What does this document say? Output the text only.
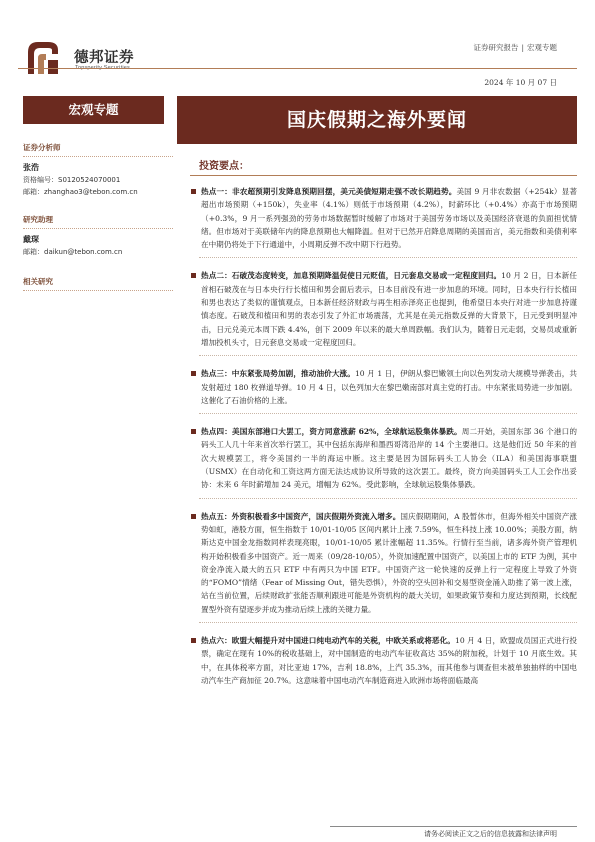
德邦证券
Topsperity Securities
证券研究报告 | 宏观专题
2024 年 10 月 07 日
宏观专题	国庆假期之海外要闻
证券分析师
张浩
资格编号：S0120524070001
邮箱：zhanghao3@tebon.com.cn
研究助理
戴琛
邮箱：daikun@tebon.com.cn
相关研究
投资要点：
热点一：非农超预期引发降息预期回摆，美元美债短期走强不改长期趋势。美国 9 月非农数据（+254k）显著超出市场预期（+150k），失业率（4.1%）则低于市场预期（4.2%），时薪环比（+0.4%）亦高于市场预期（+0.3%，9 月一系列强劲的劳务市场数据暂时缓解了市场对于美国劳务市场以及美国经济衰退的负面担忧情绪。但市场对于美联储年内的降息预期也大幅降温。但对于已然开启降息周期的美国而言，美元指数和美债利率在中期仍将处于下行通道中，小周期反弹不改中期下行趋势。
热点二：石破茂态度转变，加息预期降温促使日元贬值，日元套息交易或一定程度回归。10 月 2 日，日本新任首相石破茂在与日本央行行长植田和男会面后表示，日本目前没有进一步加息的环境。同时，日本央行行长植田和男也表达了类似的谨慎观点，日本新任经济财政与再生相赤泽亮正也提到，他希望日本央行对进一步加息持谨慎态度。石破茂和植田和男的表态引发了外汇市场震荡，尤其是在美元指数反弹的大背景下，日元受到明显冲击，日元兑美元本周下跌 4.4%，创下 2009 年以来的最大单周跌幅。我们认为，随着日元走弱，交易员或重新增加投机头寸，日元套息交易或一定程度回归。
热点三：中东紧张局势加剧，推动油价大涨。10 月 1 日，伊朗从黎巴嫩领土向以色列发动大规模导弹袭击，共发射超过 180 枚弹道导弹。10 月 4 日，以色列加大在黎巴嫩南部对真主党的打击。中东紧张局势进一步加剧。这催化了石油价格的上涨。
热点四：美国东部港口大罢工，资方同意涨薪 62%，全球航运股集体暴跌。周二开始，美国东部 36 个港口的码头工人几十年来首次举行罢工，其中包括东海岸和墨西哥湾沿岸的 14 个主要港口。这是他们近 50 年来的首次大规模罢工，将令美国约一半的海运中断。这主要是因为国际码头工人协会（ILA）和美国海事联盟（USMX）在自动化和工资这两方面无法达成协议所导致的这次罢工。最终，资方向美国码头工人工会作出妥协：未来 6 年时薪增加 24 美元，增幅为 62%。受此影响，全球航运股集体暴跌。
热点五：外资积极看多中国资产，国庆假期外资流入增多。国庆假期期间，A 股暂休市，但海外相关中国资产涨势如虹，港股方面，恒生指数于 10/01-10/05 区间内累计上涨 7.59%，恒生科技上涨 10.00%；美股方面，纳斯达克中国金龙指数同样表现亮眼，10/01-10/05 累计涨幅超 11.35%。行情行至当前，诸多海外资产管理机构开始积极看多中国资产。近一周来（09/28-10/05），外资加速配置中国资产，以美国上市的 ETF 为例，其中资金净流入最大的五只 ETF 中有两只为中国 ETF。中国资产这一轮快速的反弹上行一定程度上导致了外资的“FOMO”情绪（Fear of Missing Out，错失恐惧），外资的空头回补和交易型资金涌入助推了第一波上涨，站在当前位置，后续财政扩张能否顺利跟进可能是外资机构的最大关切，如果政策节奏和力度达到预期，长线配置型外资有望逐步并成为推动后续上涨的关键力量。
热点六：欧盟大幅提升对中国进口纯电动汽车的关税，中欧关系或将恶化。10 月 4 日，欧盟成员国正式进行投票，确定在现有 10%的税收基础上，对中国制造的电动汽车征收高达 35%的附加税，计划于 10 月底生效。其中，在具体税率方面，对比亚迪 17%，吉利 18.8%，上汽 35.3%，而其他参与调查但未被单独抽样的中国电动汽车生产商加征 20.7%。这意味着中国电动汽车制造商进入欧洲市场将面临最高
请务必阅读正文之后的信息披露和法律声明
